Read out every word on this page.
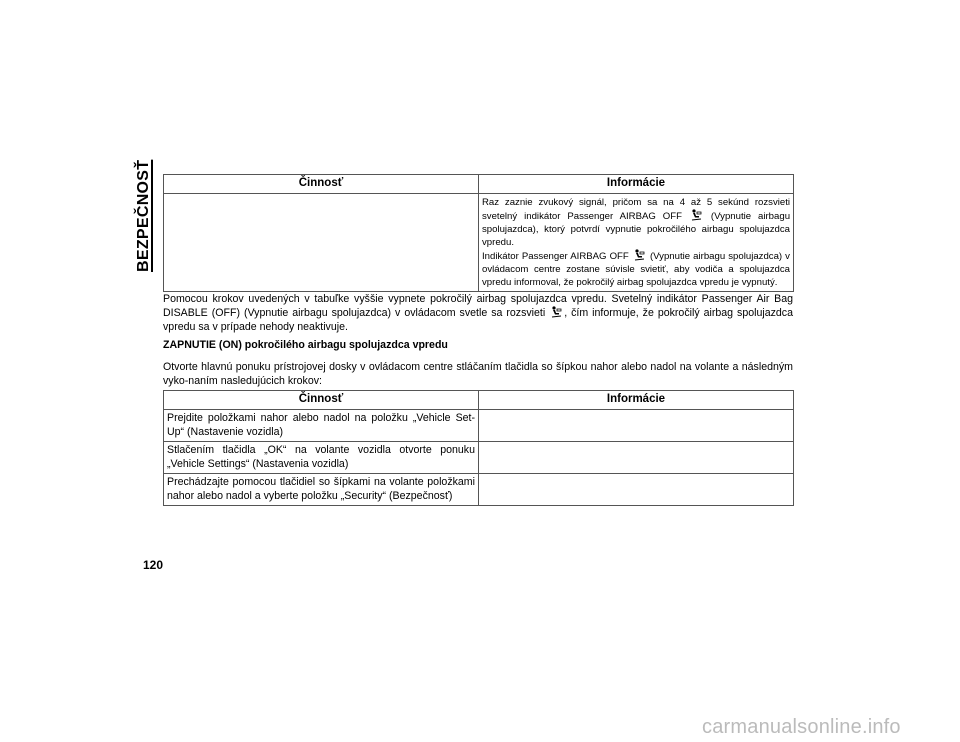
BEZPEČNOSŤ	Činnosť	Informácie
	Raz zaznie zvukový signál, pričom sa na 4 až 5 sekúnd rozsvieti svetelný indikátor Passenger AIRBAG OFF (Vypnutie airbagu spolujazdca), ktorý potvrdí vypnutie pokročilého airbagu spolujazdca vpredu.
Indikátor Passenger AIRBAG OFF (Vypnutie airbagu spolujazdca) v ovládacom centre zostane súvisle svietiť, aby vodiča a spolujazdca vpredu informoval, že pokročilý airbag spolujazdca vpredu je vypnutý.

Pomocou krokov uvedených v tabuľke vyššie vypnete pokročilý airbag spolujazdca vpredu. Svetelný indikátor Passenger Air Bag DISABLE (OFF) (Vypnutie airbagu spolujazdca) v ovládacom svetle sa rozsvieti , čím informuje, že pokročilý airbag spolujazdca vpredu sa v prípade nehody neaktivuje.

ZAPNUTIE (ON) pokročilého airbagu spolujazdca vpredu

Otvorte hlavnú ponuku prístrojovej dosky v ovládacom centre stláčaním tlačidla so šípkou nahor alebo nadol na volante a následným vyko-naním nasledujúcich krokov:

Činnosť	Informácie
Prejdite položkami nahor alebo nadol na položku „Vehicle Set-Up“ (Nastavenie vozidla)	
Stlačením tlačidla „OK“ na volante vozidla otvorte ponuku „Vehicle Settings“ (Nastavenia vozidla)	
Prechádzajte pomocou tlačidiel so šípkami na volante položkami nahor alebo nadol a vyberte položku „Security“ (Bezpečnosť)	
120
carmanualsonline.info
